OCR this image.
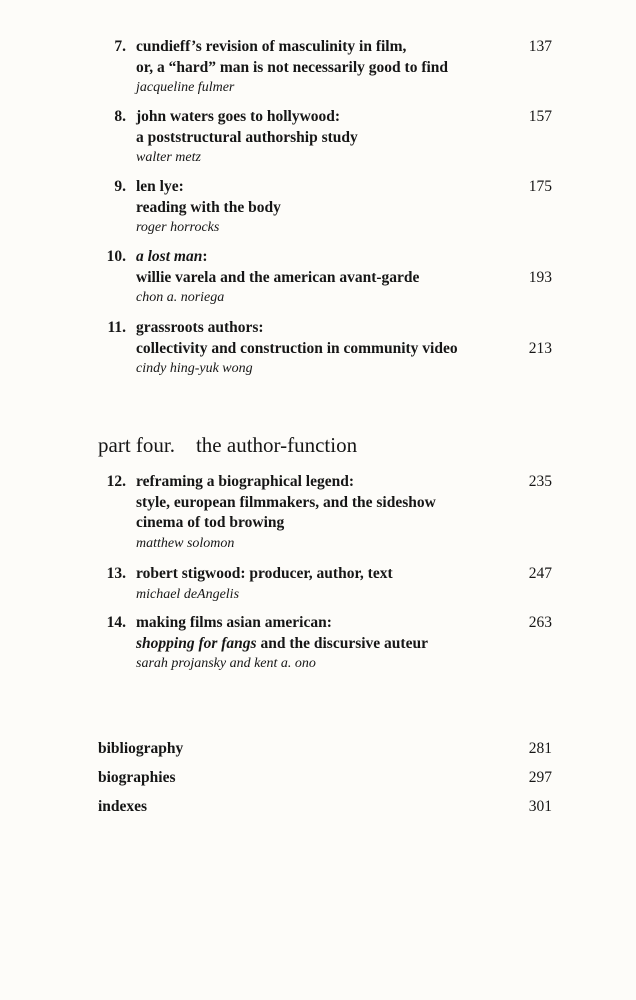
7. cundieff’s revision of masculinity in film,

or, a “hard” man is not necessarily good to find

jacqueline fulmer

137
8. john waters goes to hollywood:

a poststructural authorship study

walter metz

157
9. len lye:

reading with the body

roger horrocks

175
10. a lost man:

willie varela and the american avant-garde

chon a. noriega

193
11. grassroots authors:

collectivity and construction in community video

cindy hing-yuk wong

213
part four. the author-function
12. reframing a biographical legend:

style, european filmmakers, and the sideshow

cinema of tod browing

matthew solomon

235
13. robert stigwood: producer, author, text

michael deAngelis

247
14. making films asian american:

shopping for fangs and the discursive auteur

sarah projansky and kent a. ono

263
bibliography	281
biographies	297
indexes	301
